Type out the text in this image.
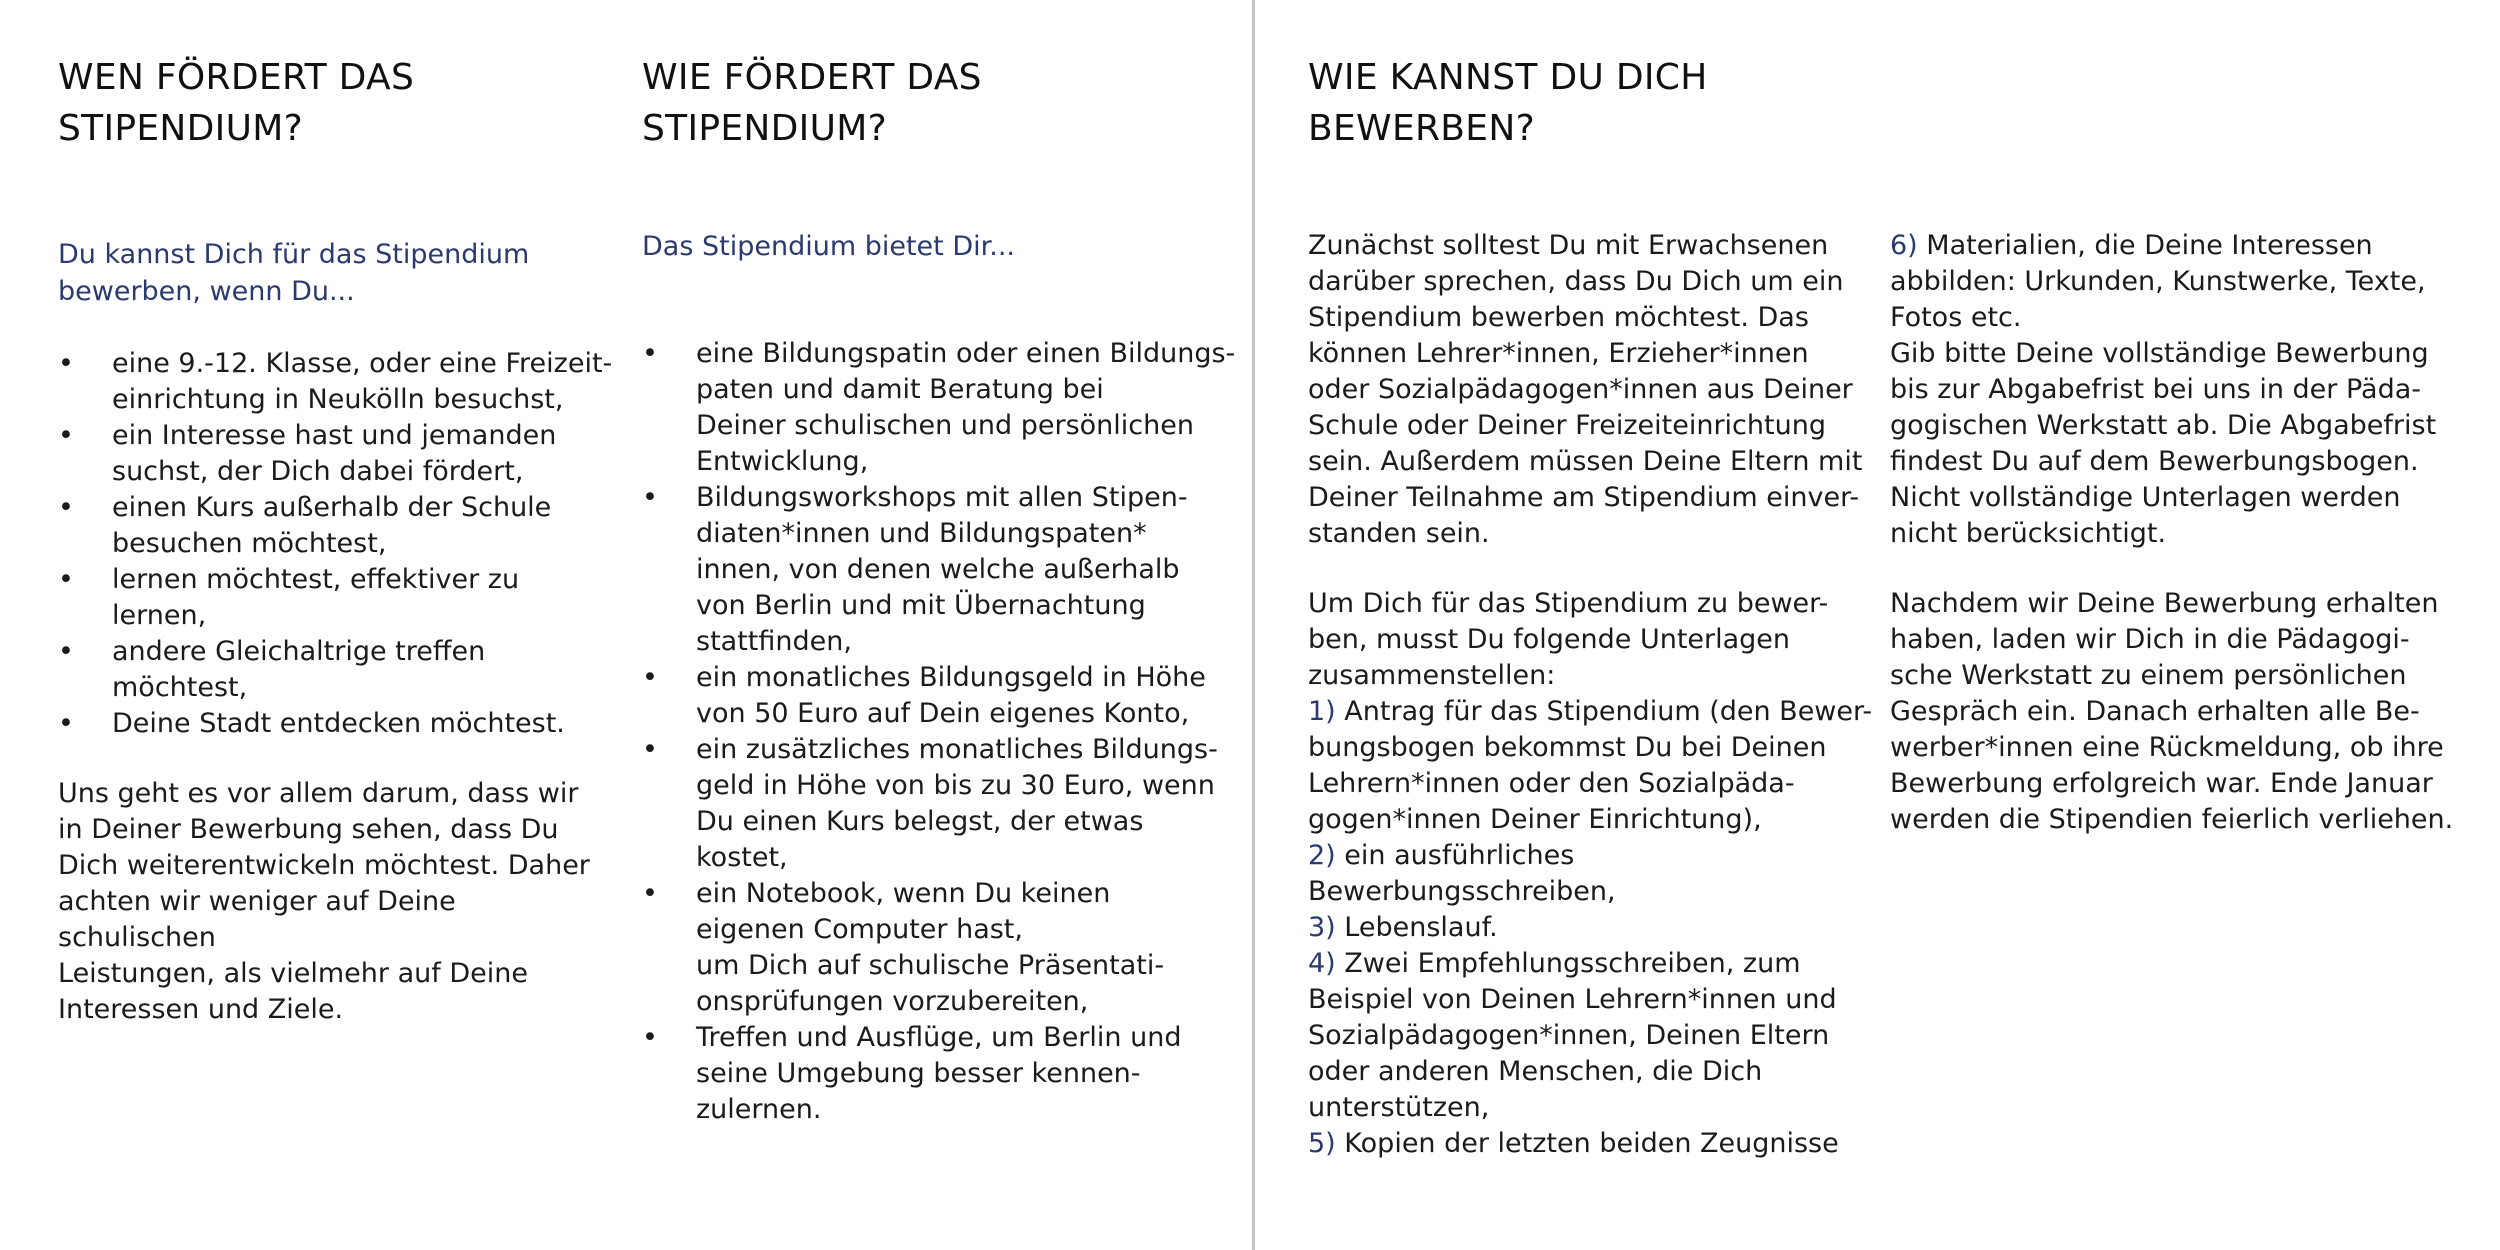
WEN FÖRDERT DAS
STIPENDIUM?

Du kannst Dich für das Stipendium
bewerben, wenn Du...

• eine 9.-12. Klasse, oder eine Freizeit-
einrichtung in Neukölln besuchst,
• ein Interesse hast und jemanden
suchst, der Dich dabei fördert,
• einen Kurs außerhalb der Schule
besuchen möchtest,
• lernen möchtest, effektiver zu
lernen,
• andere Gleichaltrige treffen
möchtest,
• Deine Stadt entdecken möchtest.

Uns geht es vor allem darum, dass wir
in Deiner Bewerbung sehen, dass Du
Dich weiterentwickeln möchtest. Daher
achten wir weniger auf Deine schulischen
Leistungen, als vielmehr auf Deine
Interessen und Ziele.

WIE FÖRDERT DAS
STIPENDIUM?

Das Stipendium bietet Dir...

• eine Bildungspatin oder einen Bildungs-
paten und damit Beratung bei
Deiner schulischen und persönlichen
Entwicklung,
• Bildungsworkshops mit allen Stipen-
diaten*innen und Bildungspaten*
innen, von denen welche außerhalb
von Berlin und mit Übernachtung
stattfinden,
• ein monatliches Bildungsgeld in Höhe
von 50 Euro auf Dein eigenes Konto,
• ein zusätzliches monatliches Bildungs-
geld in Höhe von bis zu 30 Euro, wenn
Du einen Kurs belegst, der etwas
kostet,
• ein Notebook, wenn Du keinen
eigenen Computer hast,
um Dich auf schulische Präsentati-
onsprüfungen vorzubereiten,
• Treffen und Ausflüge, um Berlin und
seine Umgebung besser kennen-
zulernen.
WIE KANNST DU DICH
BEWERBEN?

Zunächst solltest Du mit Erwachsenen
darüber sprechen, dass Du Dich um ein
Stipendium bewerben möchtest. Das
können Lehrer*innen, Erzieher*innen
oder Sozialpädagogen*innen aus Deiner
Schule oder Deiner Freizeiteinrichtung
sein. Außerdem müssen Deine Eltern mit
Deiner Teilnahme am Stipendium einver-
standen sein.

Um Dich für das Stipendium zu bewer-
ben, musst Du folgende Unterlagen
zusammenstellen:
1) Antrag für das Stipendium (den Bewer-
bungsbogen bekommst Du bei Deinen
Lehrern*innen oder den Sozialpäda-
gogen*innen Deiner Einrichtung),
2) ein ausführliches Bewerbungsschreiben,
3) Lebenslauf.
4) Zwei Empfehlungsschreiben, zum
Beispiel von Deinen Lehrern*innen und
Sozialpädagogen*innen, Deinen Eltern
oder anderen Menschen, die Dich
unterstützen,
5) Kopien der letzten beiden Zeugnisse

6) Materialien, die Deine Interessen
abbilden: Urkunden, Kunstwerke, Texte,
Fotos etc.
Gib bitte Deine vollständige Bewerbung
bis zur Abgabefrist bei uns in der Päda-
gogischen Werkstatt ab. Die Abgabefrist
findest Du auf dem Bewerbungsbogen.
Nicht vollständige Unterlagen werden
nicht berücksichtigt.

Nachdem wir Deine Bewerbung erhalten
haben, laden wir Dich in die Pädagogi-
sche Werkstatt zu einem persönlichen
Gespräch ein. Danach erhalten alle Be-
werber*innen eine Rückmeldung, ob ihre
Bewerbung erfolgreich war. Ende Januar
werden die Stipendien feierlich verliehen.
